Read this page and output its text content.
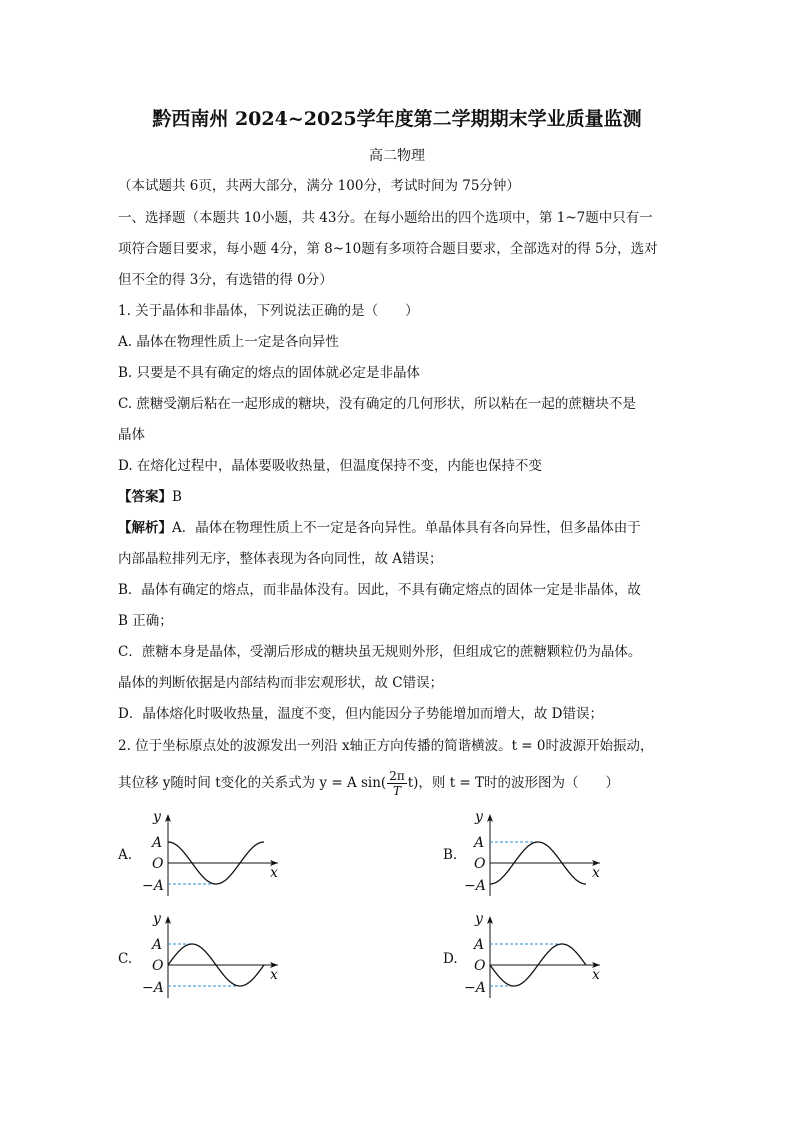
黔西南州 2024~2025学年度第二学期期末学业质量监测
高二物理
（本试题共 6页，共两大部分，满分 100分，考试时间为 75分钟）
一、选择题（本题共 10小题，共 43分。在每小题给出的四个选项中，第 1~7题中只有一
项符合题目要求，每小题 4分，第 8~10题有多项符合题目要求，全部选对的得 5分，选对
但不全的得 3分，有选错的得 0分）
1. 关于晶体和非晶体，下列说法正确的是（　　）
A. 晶体在物理性质上一定是各向异性
B. 只要是不具有确定的熔点的固体就必定是非晶体
C. 蔗糖受潮后粘在一起形成的糖块，没有确定的几何形状，所以粘在一起的蔗糖块不是
晶体
D. 在熔化过程中，晶体要吸收热量，但温度保持不变，内能也保持不变
【答案】B
【解析】A．晶体在物理性质上不一定是各向异性。单晶体具有各向异性，但多晶体由于
内部晶粒排列无序，整体表现为各向同性，故 A错误；
B．晶体有确定的熔点，而非晶体没有。因此，不具有确定熔点的固体一定是非晶体，故
B 正确；
C．蔗糖本身是晶体，受潮后形成的糖块虽无规则外形，但组成它的蔗糖颗粒仍为晶体。
晶体的判断依据是内部结构而非宏观形状，故 C错误；
D．晶体熔化时吸收热量，温度不变，但内能因分子势能增加而增大，故 D错误；
2. 位于坐标原点处的波源发出一列沿 x轴正方向传播的简谐横波。t = 0时波源开始振动，
其位移 y随时间 t变化的关系式为 y = A $\sin( \frac{2\pi}{T} t)$，则 t = T时的波形图为（　　）
A.
y
x
A
O
−A
B.
y
x
A
O
−A
C.
y
x
A
O
−A
D.
y
x
A
O
−A
